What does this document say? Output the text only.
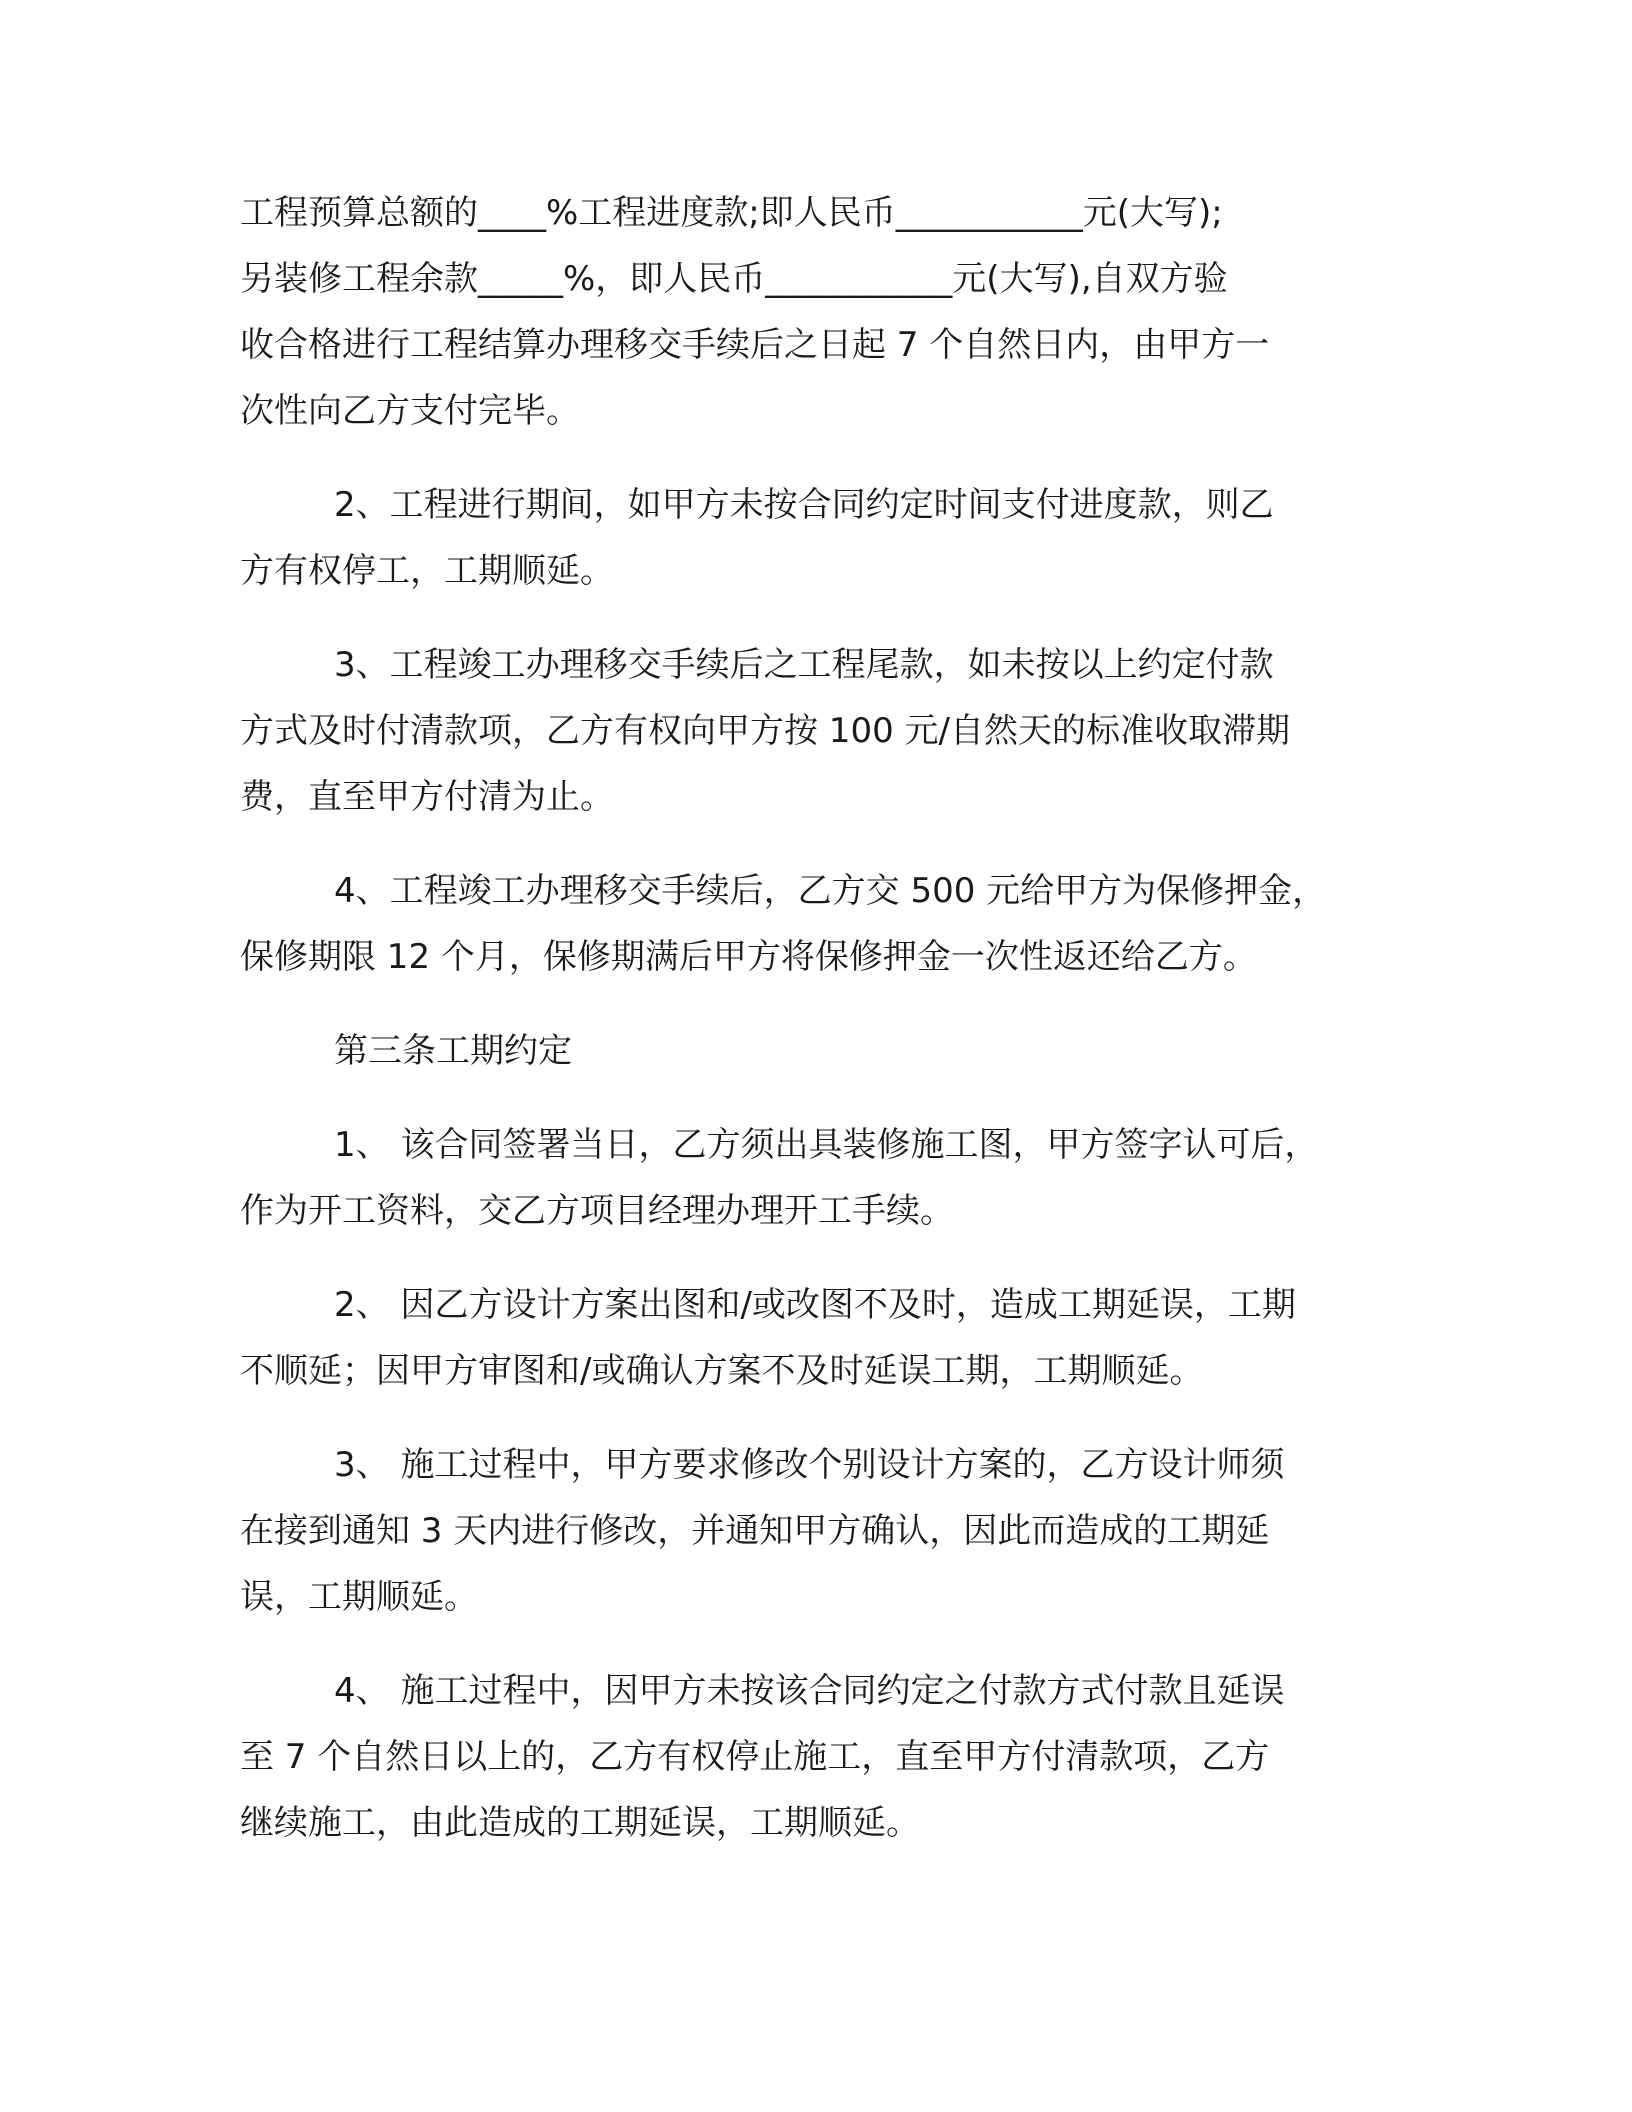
工程预算总额的____%工程进度款;即人民币___________元(大写);
另装修工程余款_____%，即人民币___________元(大写),自双方验
收合格进行工程结算办理移交手续后之日起 7 个自然日内，由甲方一
次性向乙方支付完毕。
2、工程进行期间，如甲方未按合同约定时间支付进度款，则乙
方有权停工，工期顺延。
3、工程竣工办理移交手续后之工程尾款，如未按以上约定付款
方式及时付清款项，乙方有权向甲方按 100 元/自然天的标准收取滞期
费，直至甲方付清为止。
4、工程竣工办理移交手续后，乙方交 500 元给甲方为保修押金，
保修期限 12 个月，保修期满后甲方将保修押金一次性返还给乙方。
第三条工期约定
1、 该合同签署当日，乙方须出具装修施工图，甲方签字认可后，
作为开工资料，交乙方项目经理办理开工手续。
2、 因乙方设计方案出图和/或改图不及时，造成工期延误，工期
不顺延；因甲方审图和/或确认方案不及时延误工期，工期顺延。
3、 施工过程中，甲方要求修改个别设计方案的，乙方设计师须
在接到通知 3 天内进行修改，并通知甲方确认，因此而造成的工期延
误，工期顺延。
4、 施工过程中，因甲方未按该合同约定之付款方式付款且延误
至 7 个自然日以上的，乙方有权停止施工，直至甲方付清款项，乙方
继续施工，由此造成的工期延误，工期顺延。
